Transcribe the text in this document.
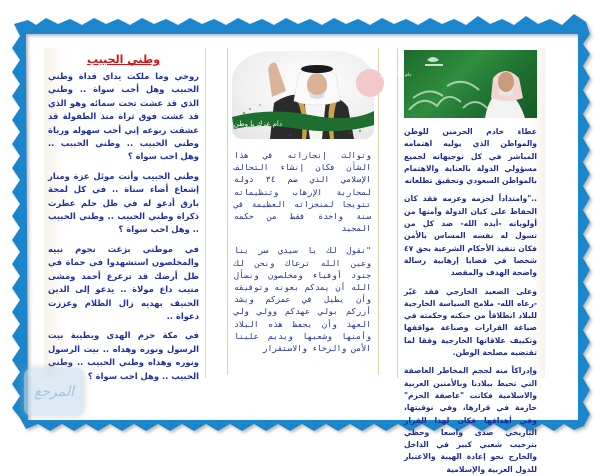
وطني الحبيب
روحي وما ملكت يداي فداة وطني الحبيب وهل أحب سواة .. وطني الذي قد عشت تحت سمائه وهو الذي قد عشت فوق ثراة منذ الطفولة قد عشقت ربوعه إني أحب سهوله ورباة وطني الحبيب .. وطني الحبيب .. وهل احب سواة ؟
وطني الحبيب وأنت موئل عزة ومنار إشعاع أضاء سناة .. في كل لمحة بارق أدعو له في ظل حلم عطرت ذكراة وطني الحبيب .. وطني الحبيب .. وهل احب سواة ؟
في موطني بزغت نجوم نبيه والمخلصون استشهدوا في حماة في ظل أرضك قد ترعرع أحمد ومشى منيب داع مولاة .. يدعو إلى الدين الحنيف بهديه زال الظلام وعززت دعواة ..
في مكة حرم الهدى وبطيبة بيت الرسول ونوره وهداه .. بيت الرسول ونوره وهداه وطني الحبيب .. وطني الحبيب .. وهل احب سواة ؟
دام عزك يا وطن

وتوالت إنجازاته في هذا الشأن فكان إنشاء التحالف الإسلامي الذي ضم ٣٤ دولة لمحاربة الإرهاب وتنظيماته تتويجا لمنجزاته العظيمة في سنة واحدة فقط من حكمه المجيد

"نقول لك يا سيدي سر بنا وعين الله ترعاك ونحن لك جنود أوفياء ومخلصون ونسأل الله أن يمدكم بعونه وتوفيقه وأن يطيل في عمركم ويشد أزركم بولي عهدكم وولي ولي العهد وأن يحفظ هذه البلاد وأمنها وشعبها ويديم علينا الأمن والرخاء والاستقرار

دام عزك يا وطن

عطاء خادم الحرمين للوطن والمواطن الذي يوليه اهتمامه المباشر في كل توجيهاته لجميع مسؤولي الدولة بالعناية والاهتمام بالمواطن السعودي وتحقيق تطلعاته

.."وامتداداً لحزمه وعزمه فقد كان الحفاظ على كيان الدولة وأمنها من أولوياته -أيده الله- ضد كل من تسول له نفسه المساس بالأمن فكان تنفيذ الأحكام الشرعية بحق ٤٧ شخصا في قضايا إرهابية رسالة واضحة الهدف والمقصد

وعلى الصعيد الخارجي فقد غيّر -رعاه الله- ملامح السياسة الخارجية للبلاد انطلاقاً من حنكته وحكمته في صياغة القرارات وصناعة مواقفها وتكييف علاقاتها الخارجية وفقا لما تقتضيه مصلحة الوطن.

وإدراكاً منه لحجم المخاطر العاصفة التي تحيط ببلادنا وبالأمتين العربية والاسلامية فكانت "عاصفة الحزم" حازمة في قرارها، وفي توقيتها، وفي أهدافها فكان لهذا القرار التاريخي صدى واسعا وحظي بترحيب شعبي كبير في الداخل والخارج نحو إعادة الهيبة والاعتبار للدول العربية والإسلامية

المرجع
